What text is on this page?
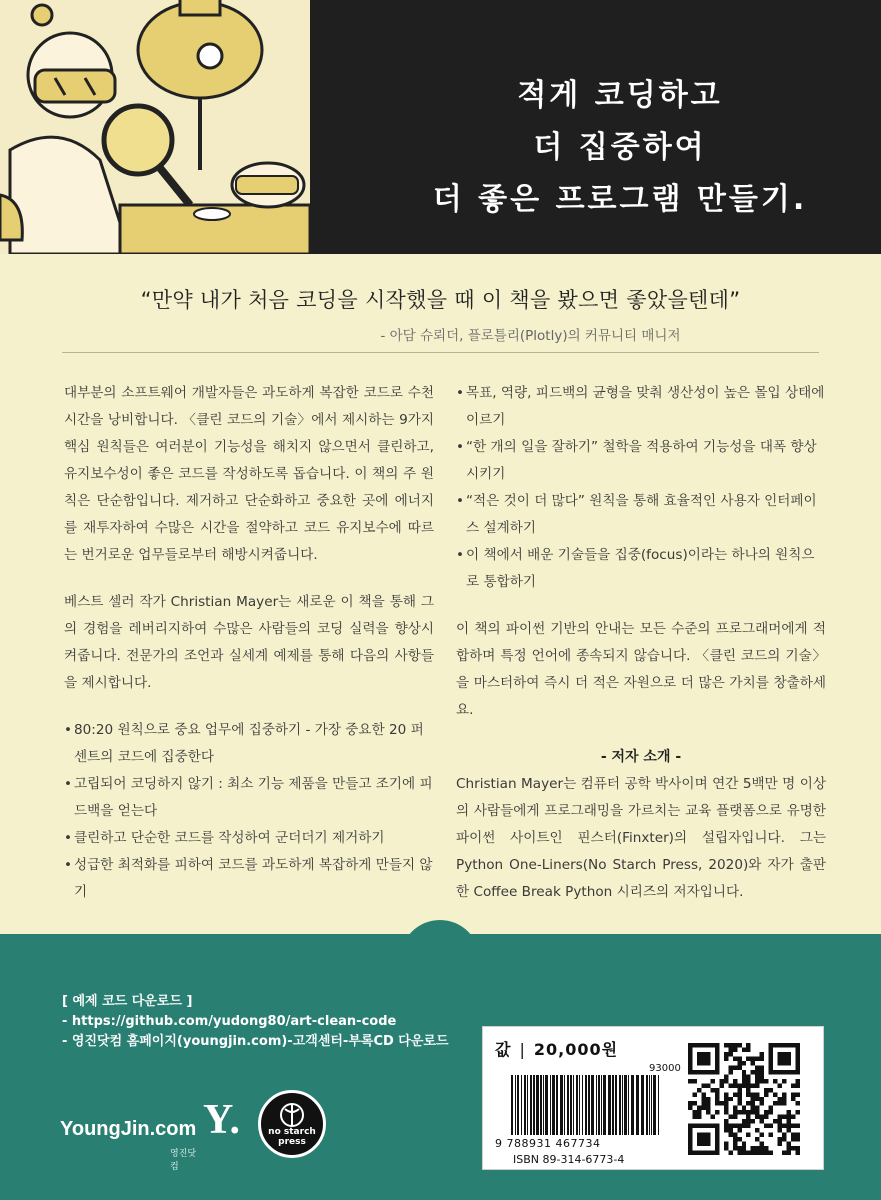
적게 코딩하고
더 집중하여
더 좋은 프로그램 만들기.
“만약 내가 처음 코딩을 시작했을 때 이 책을 봤으면 좋았을텐데”
- 아담 슈뢰더, 플로틀리(Plotly)의 커뮤니티 매니저

대부분의 소프트웨어 개발자들은 과도하게 복잡한 코드로 수천 시간을 낭비합니다. 〈클린 코드의 기술〉에서 제시하는 9가지 핵심 원칙들은 여러분이 기능성을 해치지 않으면서 클린하고, 유지보수성이 좋은 코드를 작성하도록 돕습니다. 이 책의 주 원칙은 단순함입니다. 제거하고 단순화하고 중요한 곳에 에너지를 재투자하여 수많은 시간을 절약하고 코드 유지보수에 따르는 번거로운 업무들로부터 해방시켜줍니다.

베스트 셀러 작가 Christian Mayer는 새로운 이 책을 통해 그의 경험을 레버리지하여 수많은 사람들의 코딩 실력을 향상시켜줍니다. 전문가의 조언과 실세계 예제를 통해 다음의 사항들을 제시합니다.

• 80:20 원칙으로 중요 업무에 집중하기 - 가장 중요한 20 퍼센트의 코드에 집중한다
• 고립되어 코딩하지 않기 : 최소 기능 제품을 만들고 조기에 피드백을 얻는다
• 클린하고 단순한 코드를 작성하여 군더더기 제거하기
• 성급한 최적화를 피하여 코드를 과도하게 복잡하게 만들지 않기
• 목표, 역량, 피드백의 균형을 맞춰 생산성이 높은 몰입 상태에 이르기
• “한 개의 일을 잘하기” 철학을 적용하여 기능성을 대폭 향상시키기
• “적은 것이 더 많다” 원칙을 통해 효율적인 사용자 인터페이스 설계하기
• 이 책에서 배운 기술들을 집중(focus)이라는 하나의 원칙으로 통합하기

이 책의 파이썬 기반의 안내는 모든 수준의 프로그래머에게 적합하며 특정 언어에 종속되지 않습니다. 〈클린 코드의 기술〉을 마스터하여 즉시 더 적은 자원으로 더 많은 가치를 창출하세요.

- 저자 소개 -

Christian Mayer는 컴퓨터 공학 박사이며 연간 5백만 명 이상의 사람들에게 프로그래밍을 가르치는 교육 플랫폼으로 유명한 파이썬 사이트인 핀스터(Finxter)의 설립자입니다. 그는 Python One-Liners(No Starch Press, 2020)와 자가 출판한 Coffee Break Python 시리즈의 저자입니다.

[ 예제 코드 다운로드 ]
- https://github.com/yudong80/art-clean-code
- 영진닷컴 홈페이지(youngjin.com)-고객센터-부록CD 다운로드
YoungJin.com Y.
영진닷컴
no starch
press
값 | 20,000원
93000
9 788931 467734
ISBN 89-314-6773-4
